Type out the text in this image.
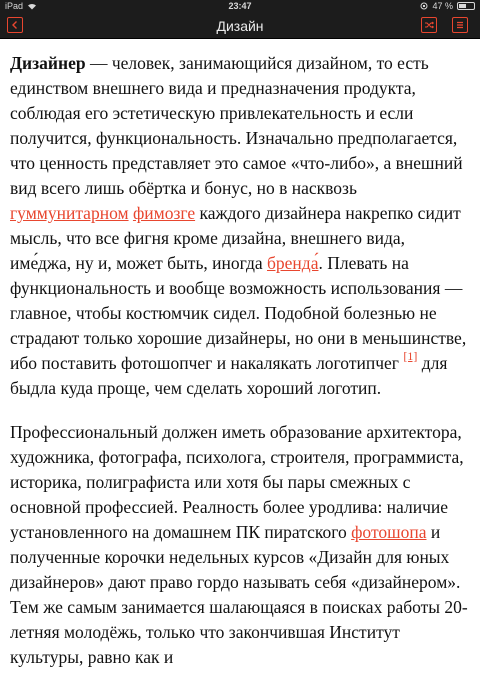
iPad	23:47	47 %
Дизайн

Дизайнер — человек, занимающийся дизайном, то есть единством внешнего вида и предназначения продукта, соблюдая его эстетическую привлекательность и если получится, функциональность. Изначально предполагается, что ценность представляет это самое «что-либо», а внешний вид всего лишь обёртка и бонус, но в насквозь гуммунитарном фимозге каждого дизайнера накрепко сидит мысль, что все фигня кроме дизайна, внешнего вида, име́джа, ну и, может быть, иногда бренда́. Плевать на функциональность и вообще возможность использования — главное, чтобы костюмчик сидел. Подобной болезнью не страдают только хорошие дизайнеры, но они в меньшинстве, ибо поставить фотошопчег и накалякать логотипчег [1] для быдла куда проще, чем сделать хороший логотип.

Профессиональный должен иметь образование архитектора, художника, фотографа, психолога, строителя, программиста, историка, полиграфиста или хотя бы пары смежных с основной профессией. Реалность более уродлива: наличие установленного на домашнем ПК пиратского фотошопа и полученные корочки недельных курсов «Дизайн для юных дизайнеров» дают право гордо называть себя «дизайнером». Тем же самым занимается шалающаяся в поисках работы 20-летняя молодёжь, только что закончившая Институт культуры, равно как и
